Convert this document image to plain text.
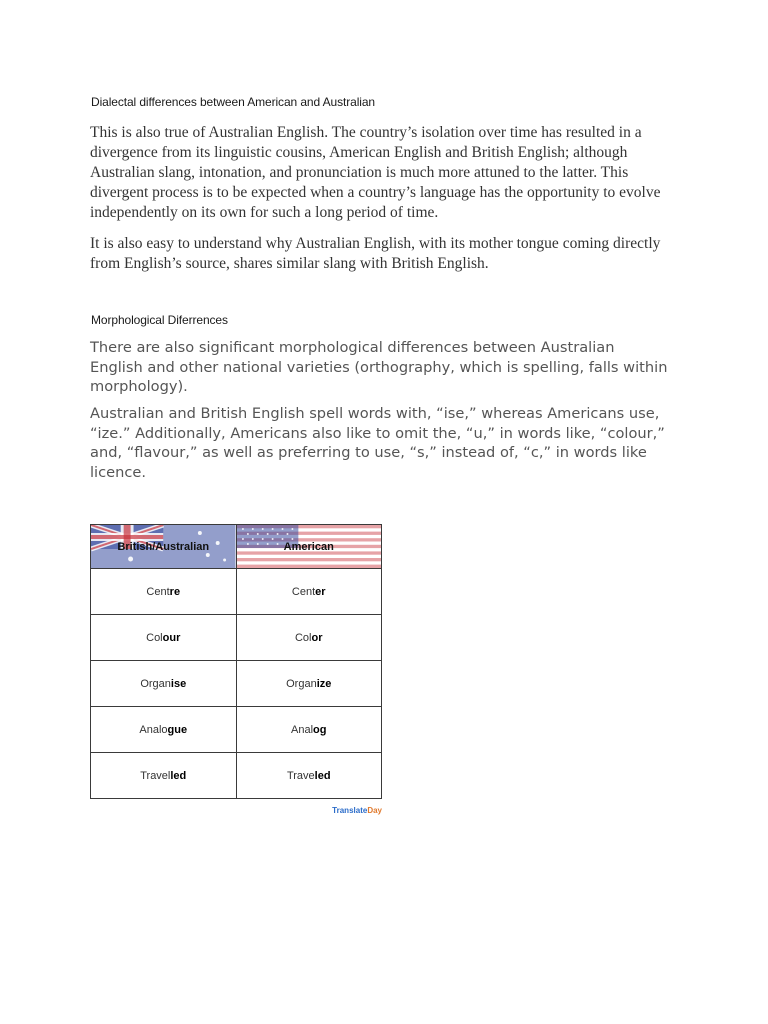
Dialectal differences between American and Australian

This is also true of Australian English. The country’s isolation over time has resulted in a divergence from its linguistic cousins, American English and British English; although Australian slang, intonation, and pronunciation is much more attuned to the latter. This divergent process is to be expected when a country’s language has the opportunity to evolve independently on its own for such a long period of time.

It is also easy to understand why Australian English, with its mother tongue coming directly from English’s source, shares similar slang with British English.

Morphological Diferrences

There are also significant morphological differences between Australian English and other national varieties (orthography, which is spelling, falls within morphology).

Australian and British English spell words with, “ise,” whereas Americans use, “ize.” Additionally, Americans also like to omit the, “u,” in words like, “colour,” and, “flavour,” as well as preferring to use, “s,” instead of, “c,” in words like licence.

British/Australian	American
Centre	Center
Colour	Color
Organise	Organize
Analogue	Analog
Travelled	Traveled
TranslateDay
